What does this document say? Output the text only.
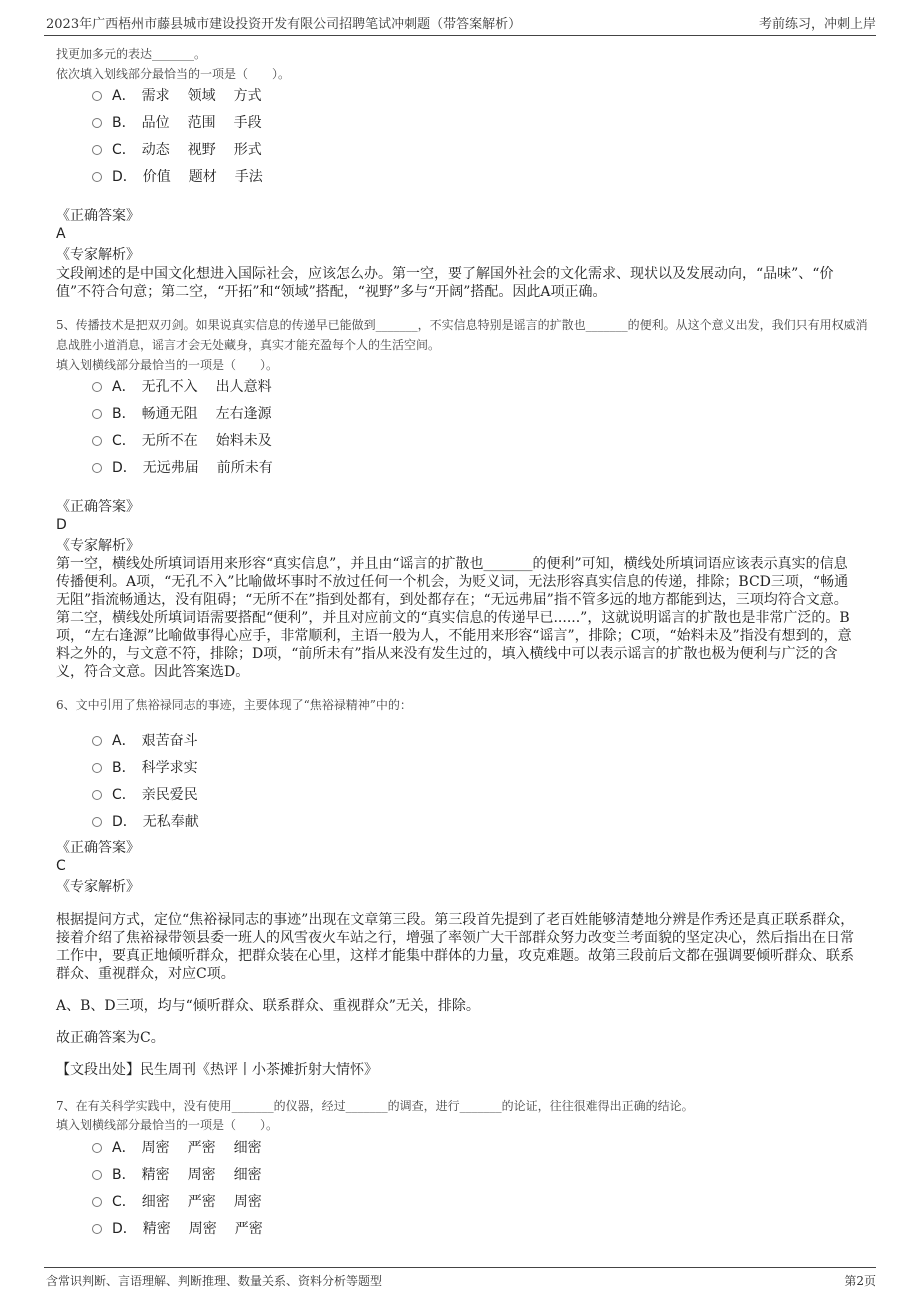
2023年广西梧州市藤县城市建设投资开发有限公司招聘笔试冲刺题（带答案解析）	考前练习，冲刺上岸
找更加多元的表达_______。
依次填入划线部分最恰当的一项是（　　）。
A． 需求 领域 方式
B． 品位 范围 手段
C． 动态 视野 形式
D． 价值 题材 手法
《正确答案》
A
《专家解析》
文段阐述的是中国文化想进入国际社会，应该怎么办。第一空，要了解国外社会的文化需求、现状以及发展动向，“品味”、“价值”不符合句意；第二空，“开拓”和“领域”搭配，“视野”多与“开阔”搭配。因此A项正确。
5、传播技术是把双刃剑。如果说真实信息的传递早已能做到_______，不实信息特别是谣言的扩散也_______的便利。从这个意义出发，我们只有用权威消息战胜小道消息，谣言才会无处藏身，真实才能充盈每个人的生活空间。
填入划横线部分最恰当的一项是（　　）。
A． 无孔不入 出人意料
B． 畅通无阻 左右逢源
C． 无所不在 始料未及
D． 无远弗届 前所未有
《正确答案》
D
《专家解析》
第一空，横线处所填词语用来形容“真实信息”，并且由“谣言的扩散也_______的便利”可知，横线处所填词语应该表示真实的信息传播便利。A项，“无孔不入”比喻做坏事时不放过任何一个机会，为贬义词，无法形容真实信息的传递，排除；BCD三项，“畅通无阻”指流畅通达，没有阻碍；“无所不在”指到处都有，到处都存在；“无远弗届”指不管多远的地方都能到达，三项均符合文意。第二空，横线处所填词语需要搭配“便利”，并且对应前文的“真实信息的传递早已......”，这就说明谣言的扩散也是非常广泛的。B项，“左右逢源”比喻做事得心应手，非常顺利，主语一般为人，不能用来形容“谣言”，排除；C项，“始料未及”指没有想到的，意料之外的，与文意不符，排除；D项，“前所未有”指从来没有发生过的，填入横线中可以表示谣言的扩散也极为便利与广泛的含义，符合文意。因此答案选D。
6、文中引用了焦裕禄同志的事迹，主要体现了“焦裕禄精神”中的：
A． 艰苦奋斗
B． 科学求实
C． 亲民爱民
D． 无私奉献
《正确答案》
C
《专家解析》
根据提问方式，定位“焦裕禄同志的事迹”出现在文章第三段。第三段首先提到了老百姓能够清楚地分辨是作秀还是真正联系群众，接着介绍了焦裕禄带领县委一班人的风雪夜火车站之行，增强了率领广大干部群众努力改变兰考面貌的坚定决心，然后指出在日常工作中，要真正地倾听群众，把群众装在心里，这样才能集中群体的力量，攻克难题。故第三段前后文都在强调要倾听群众、联系群众、重视群众，对应C项。
A、B、D三项，均与“倾听群众、联系群众、重视群众”无关，排除。
故正确答案为C。
【文段出处】民生周刊《热评丨小茶摊折射大情怀》
7、在有关科学实践中，没有使用_______的仪器，经过_______的调查，进行_______的论证，往往很难得出正确的结论。
填入划横线部分最恰当的一项是（　　）。
A． 周密 严密 细密
B． 精密 周密 细密
C． 细密 严密 周密
D． 精密 周密 严密
含常识判断、言语理解、判断推理、数量关系、资料分析等题型	第2页
